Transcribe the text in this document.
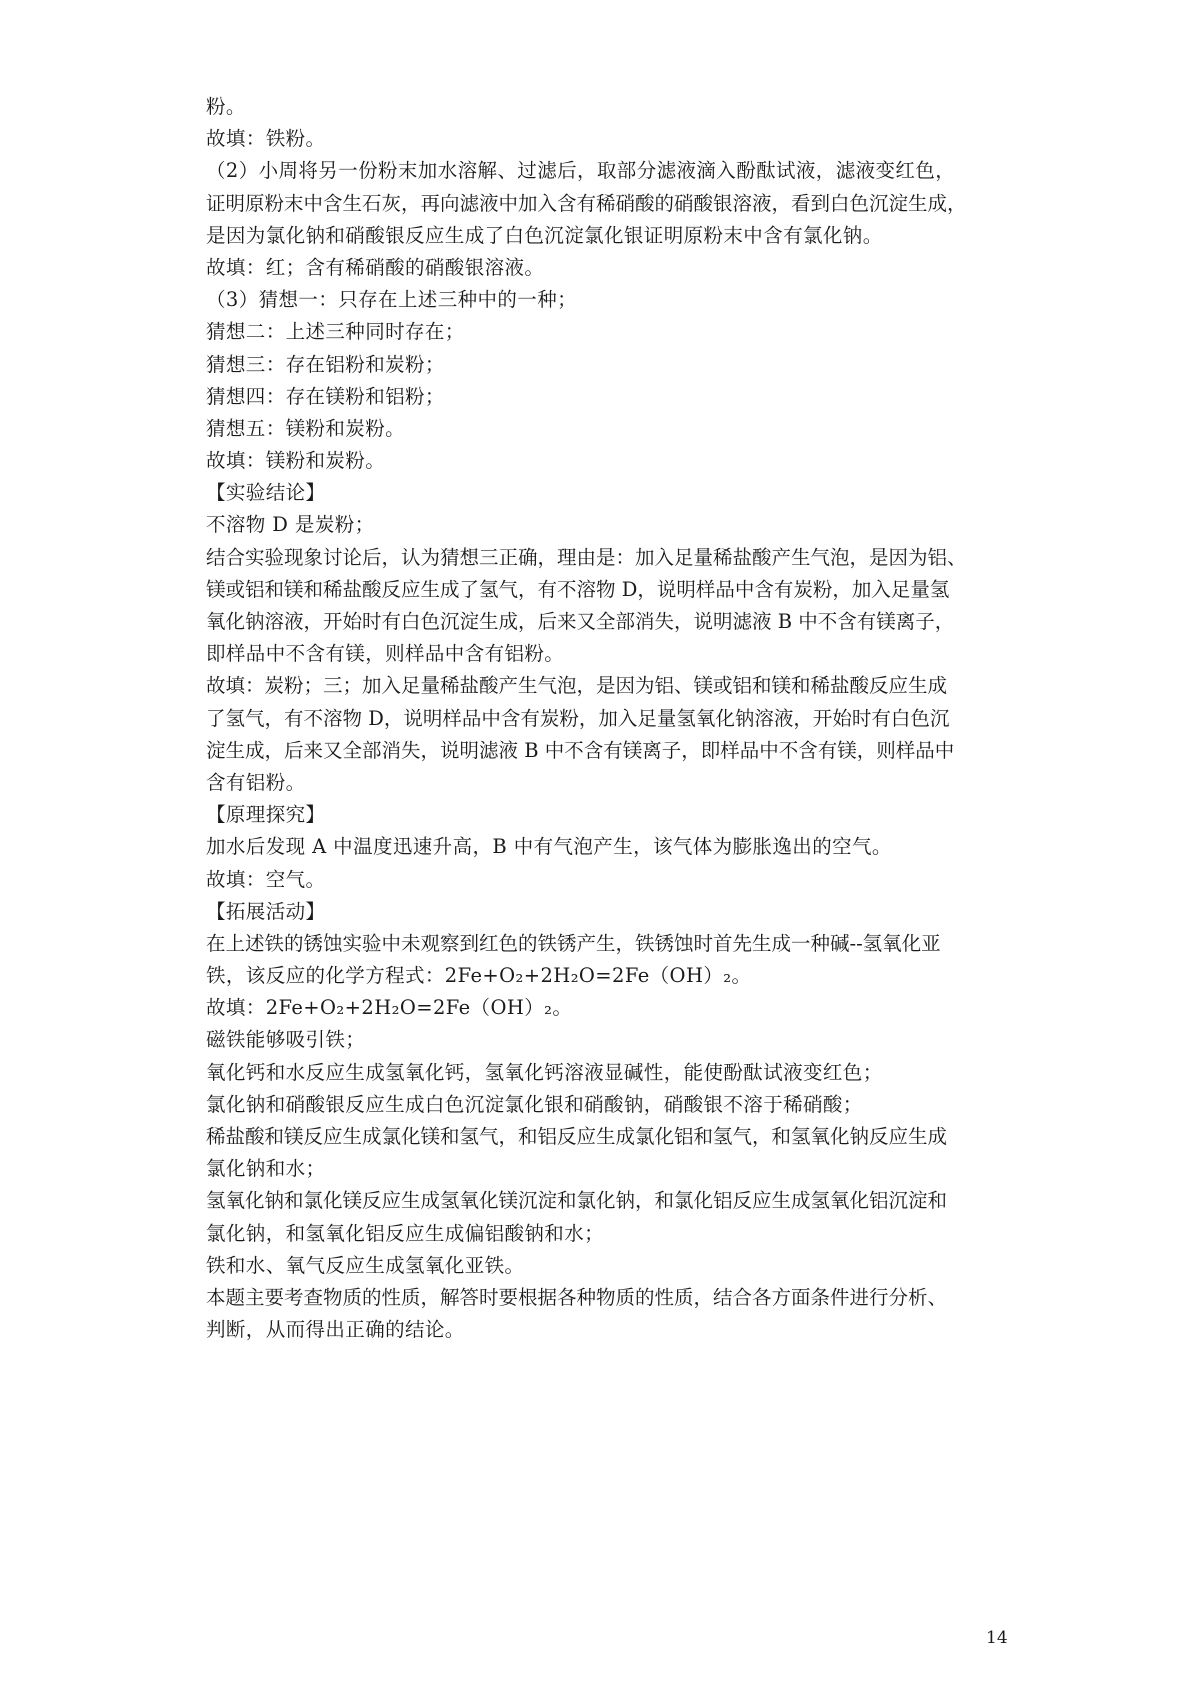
粉。
故填：铁粉。
（2）小周将另一份粉末加水溶解、过滤后，取部分滤液滴入酚酞试液，滤液变红色，
证明原粉末中含生石灰，再向滤液中加入含有稀硝酸的硝酸银溶液，看到白色沉淀生成，
是因为氯化钠和硝酸银反应生成了白色沉淀氯化银证明原粉末中含有氯化钠。
故填：红；含有稀硝酸的硝酸银溶液。
（3）猜想一：只存在上述三种中的一种；
猜想二：上述三种同时存在；
猜想三：存在铝粉和炭粉；
猜想四：存在镁粉和铝粉；
猜想五：镁粉和炭粉。
故填：镁粉和炭粉。
【实验结论】
不溶物 D 是炭粉；
结合实验现象讨论后，认为猜想三正确，理由是：加入足量稀盐酸产生气泡，是因为铝、
镁或铝和镁和稀盐酸反应生成了氢气，有不溶物 D，说明样品中含有炭粉，加入足量氢
氧化钠溶液，开始时有白色沉淀生成，后来又全部消失，说明滤液 B 中不含有镁离子，
即样品中不含有镁，则样品中含有铝粉。
故填：炭粉；三；加入足量稀盐酸产生气泡，是因为铝、镁或铝和镁和稀盐酸反应生成
了氢气，有不溶物 D，说明样品中含有炭粉，加入足量氢氧化钠溶液，开始时有白色沉
淀生成，后来又全部消失，说明滤液 B 中不含有镁离子，即样品中不含有镁，则样品中
含有铝粉。
【原理探究】
加水后发现 A 中温度迅速升高，B 中有气泡产生，该气体为膨胀逸出的空气。
故填：空气。
【拓展活动】
在上述铁的锈蚀实验中未观察到红色的铁锈产生，铁锈蚀时首先生成一种碱--氢氧化亚
铁，该反应的化学方程式：2Fe+O₂+2H₂O=2Fe（OH）₂。
故填：2Fe+O₂+2H₂O=2Fe（OH）₂。
磁铁能够吸引铁；
氧化钙和水反应生成氢氧化钙，氢氧化钙溶液显碱性，能使酚酞试液变红色；
氯化钠和硝酸银反应生成白色沉淀氯化银和硝酸钠，硝酸银不溶于稀硝酸；
稀盐酸和镁反应生成氯化镁和氢气，和铝反应生成氯化铝和氢气，和氢氧化钠反应生成
氯化钠和水；
氢氧化钠和氯化镁反应生成氢氧化镁沉淀和氯化钠，和氯化铝反应生成氢氧化铝沉淀和
氯化钠，和氢氧化铝反应生成偏铝酸钠和水；
铁和水、氧气反应生成氢氧化亚铁。
本题主要考查物质的性质，解答时要根据各种物质的性质，结合各方面条件进行分析、
判断，从而得出正确的结论。
14
